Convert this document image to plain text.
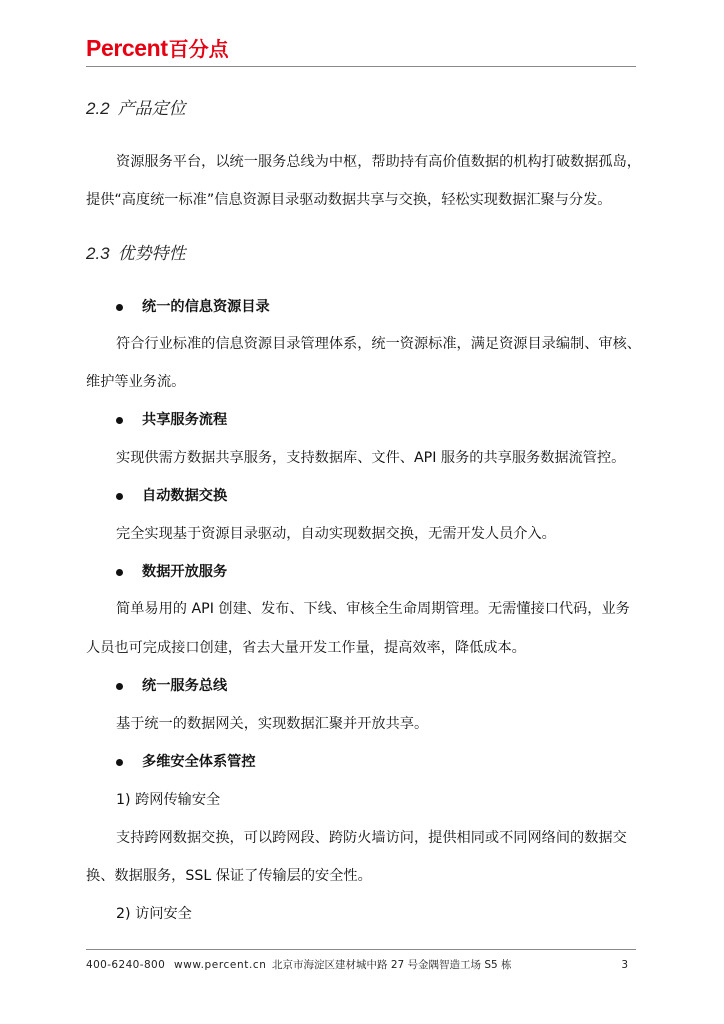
Percent百分点
2.2 产品定位
资源服务平台，以统一服务总线为中枢，帮助持有高价值数据的机构打破数据孤岛，
提供“高度统一标准”信息资源目录驱动数据共享与交换，轻松实现数据汇聚与分发。
2.3 优势特性
统一的信息资源目录
符合行业标准的信息资源目录管理体系，统一资源标准，满足资源目录编制、审核、
维护等业务流。
共享服务流程
实现供需方数据共享服务，支持数据库、文件、API 服务的共享服务数据流管控。
自动数据交换
完全实现基于资源目录驱动，自动实现数据交换，无需开发人员介入。
数据开放服务
简单易用的 API 创建、发布、下线、审核全生命周期管理。无需懂接口代码，业务
人员也可完成接口创建，省去大量开发工作量，提高效率，降低成本。
统一服务总线
基于统一的数据网关，实现数据汇聚并开放共享。
多维安全体系管控
1) 跨网传输安全
支持跨网数据交换，可以跨网段、跨防火墙访问，提供相同或不同网络间的数据交
换、数据服务，SSL 保证了传输层的安全性。
2) 访问安全
400-6240-800 www.percent.cn 北京市海淀区建材城中路 27 号金隅智造工场 S5 栋	3
